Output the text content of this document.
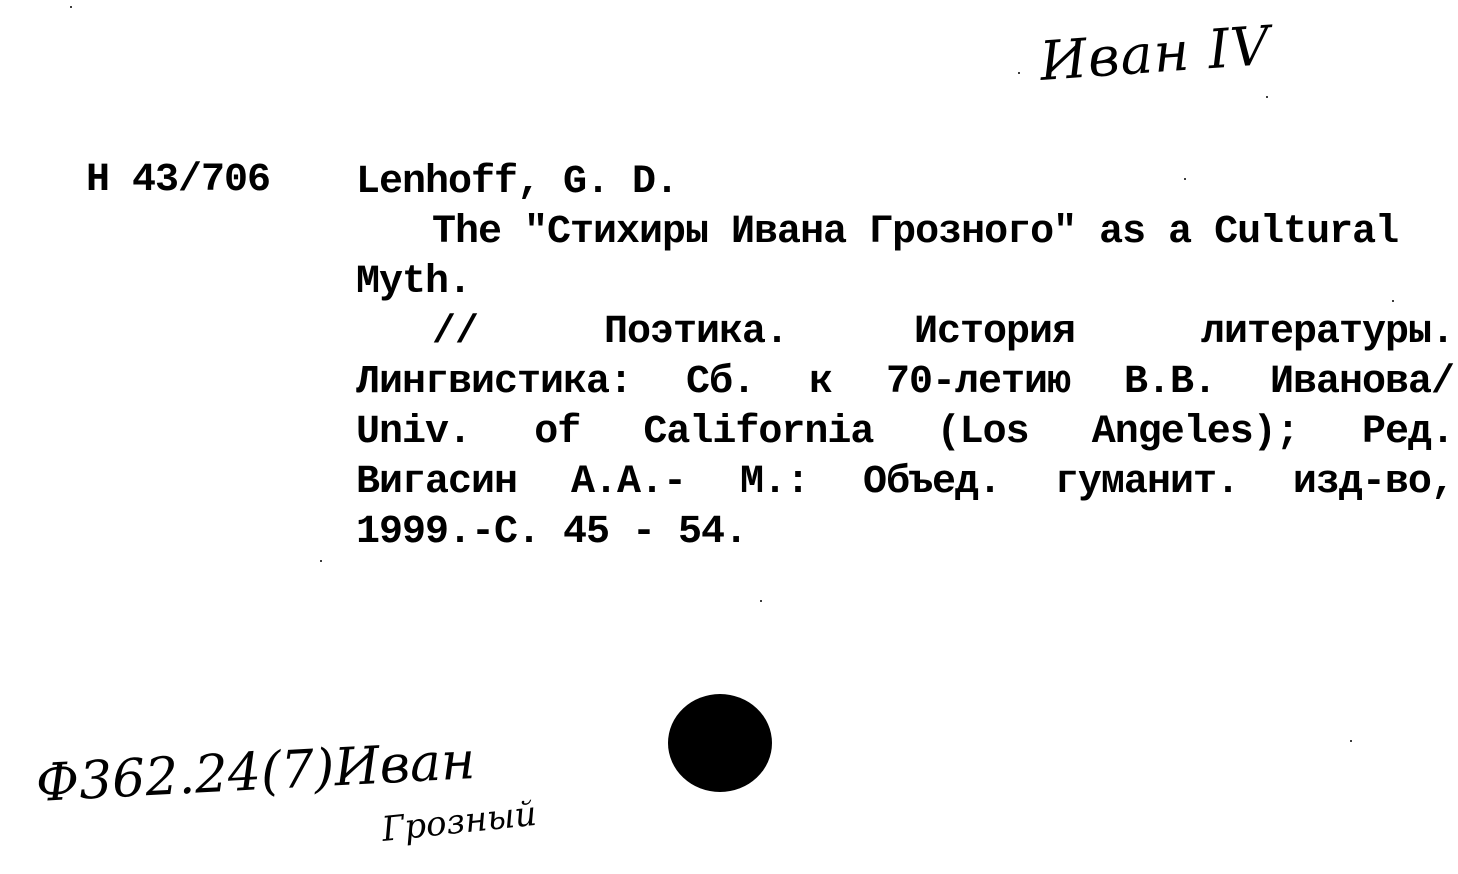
Иван IV
Н 43/706 Lenhoff, G. D.
The "Стихиры Ивана Грозного" as a Cultural
Myth.
//	Поэтика.	История	литературы.
Лингвистика: Сб. к 70-летию В.В. Иванова/
Univ. of California (Los Angeles); Ред.
Вигасин А.А.- М.: Объед. гуманит. изд-во,
1999.-С. 45 - 54.
Ф362.24(7)Иван
Грозный
